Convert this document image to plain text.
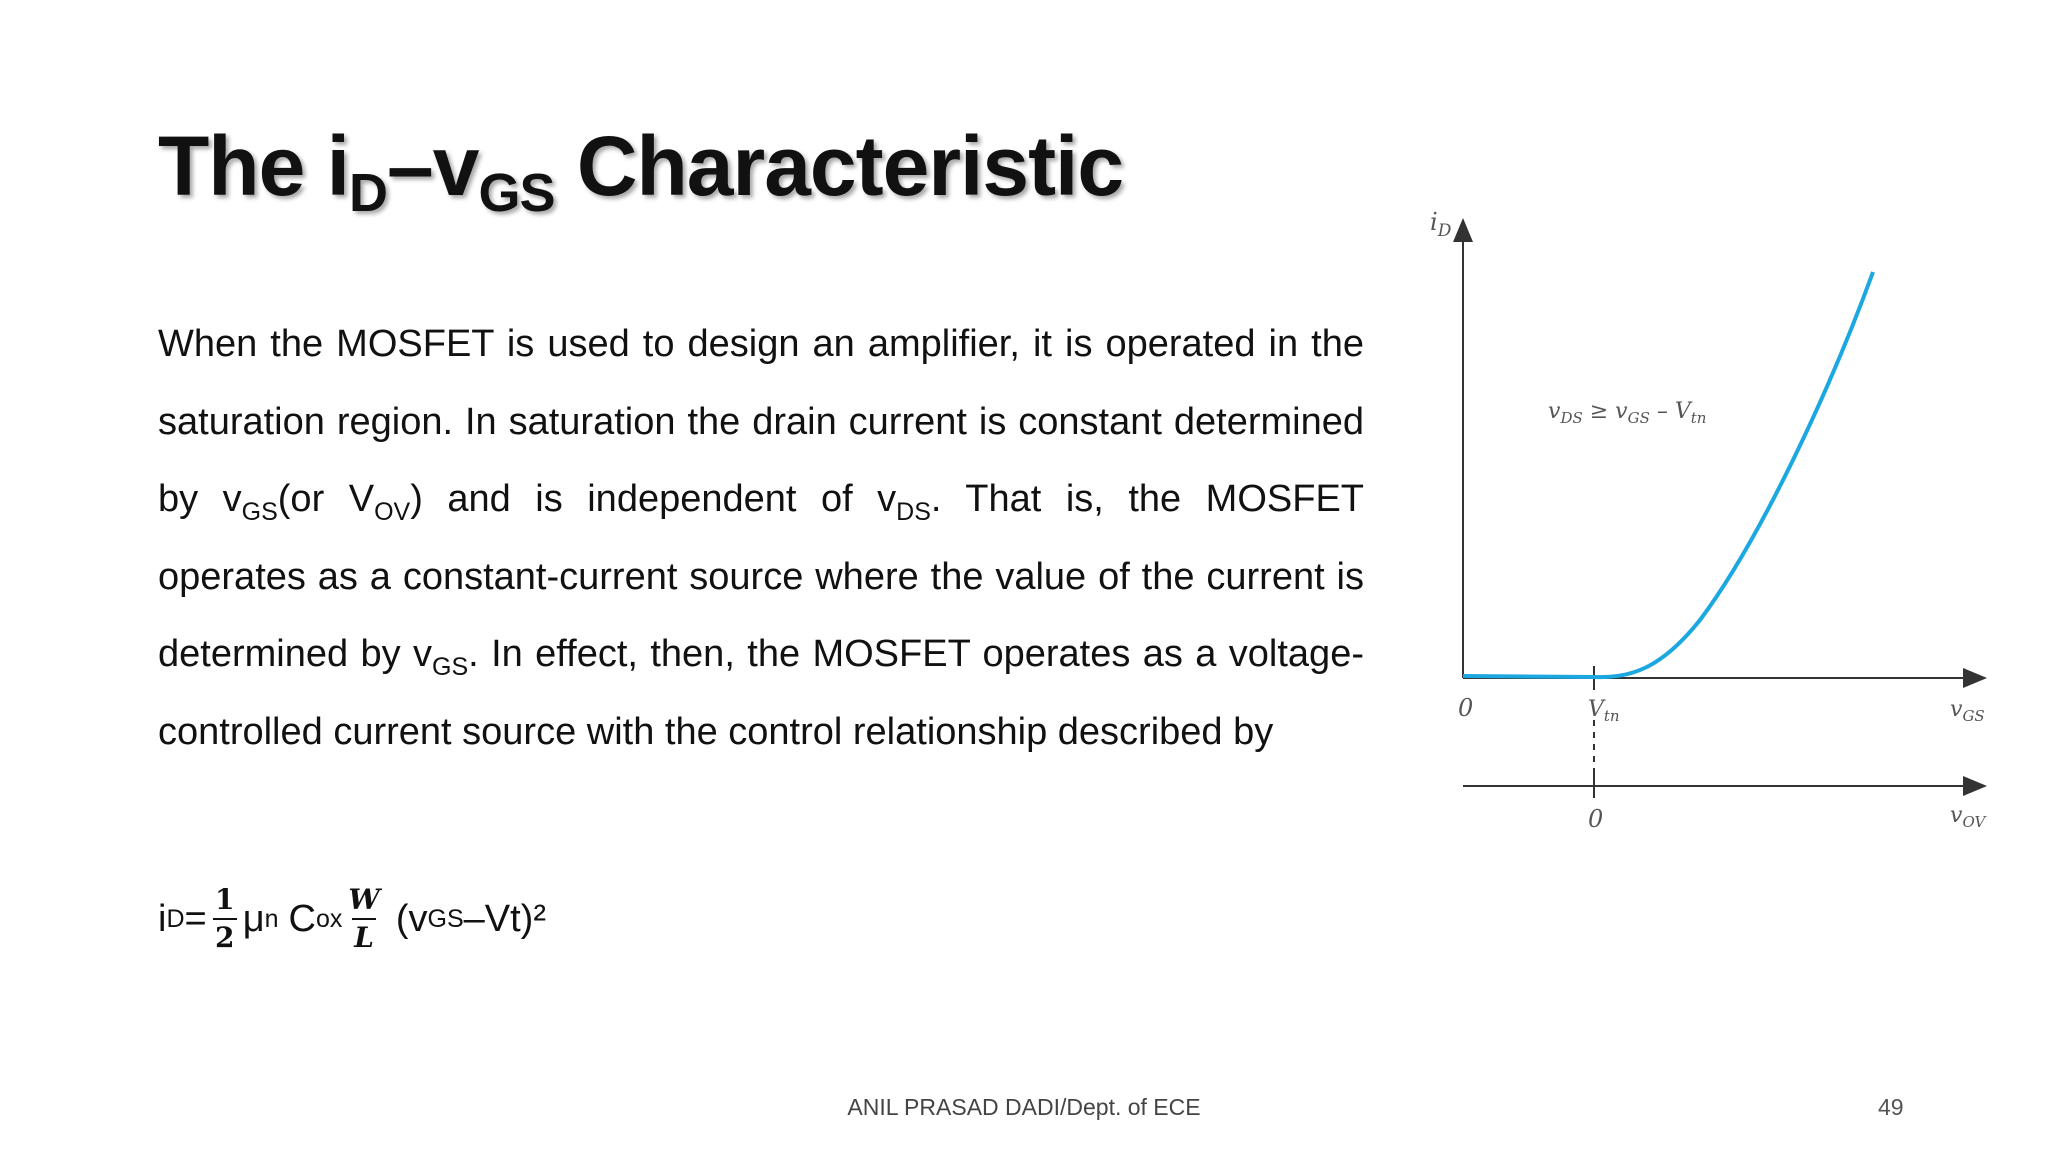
The $i_D-v_{GS}$ Characteristic
When the MOSFET is used to design an amplifier, it is operated in the saturation region. In saturation the drain current is constant determined by $v_{GS}(or$ $V_{OV}$) and is independent of $v_{DS}$. That is, the MOSFET operates as a constant-current source where the value of the current is determined by $v_{GS}$. In effect, then, the MOSFET operates as a voltage-controlled current source with the control relationship described by
i $D = \frac{1}{2}$ μ n C ox $\frac{W}{L} (v$ GS –Vt)²
$i_D$
0	$V_{tn}$	$v_{GS}$
0	$v_{OV}$
$v_{DS} \ge v_{GS} - V_{tn}$
ANIL PRASAD DADI/Dept. of ECE	49
